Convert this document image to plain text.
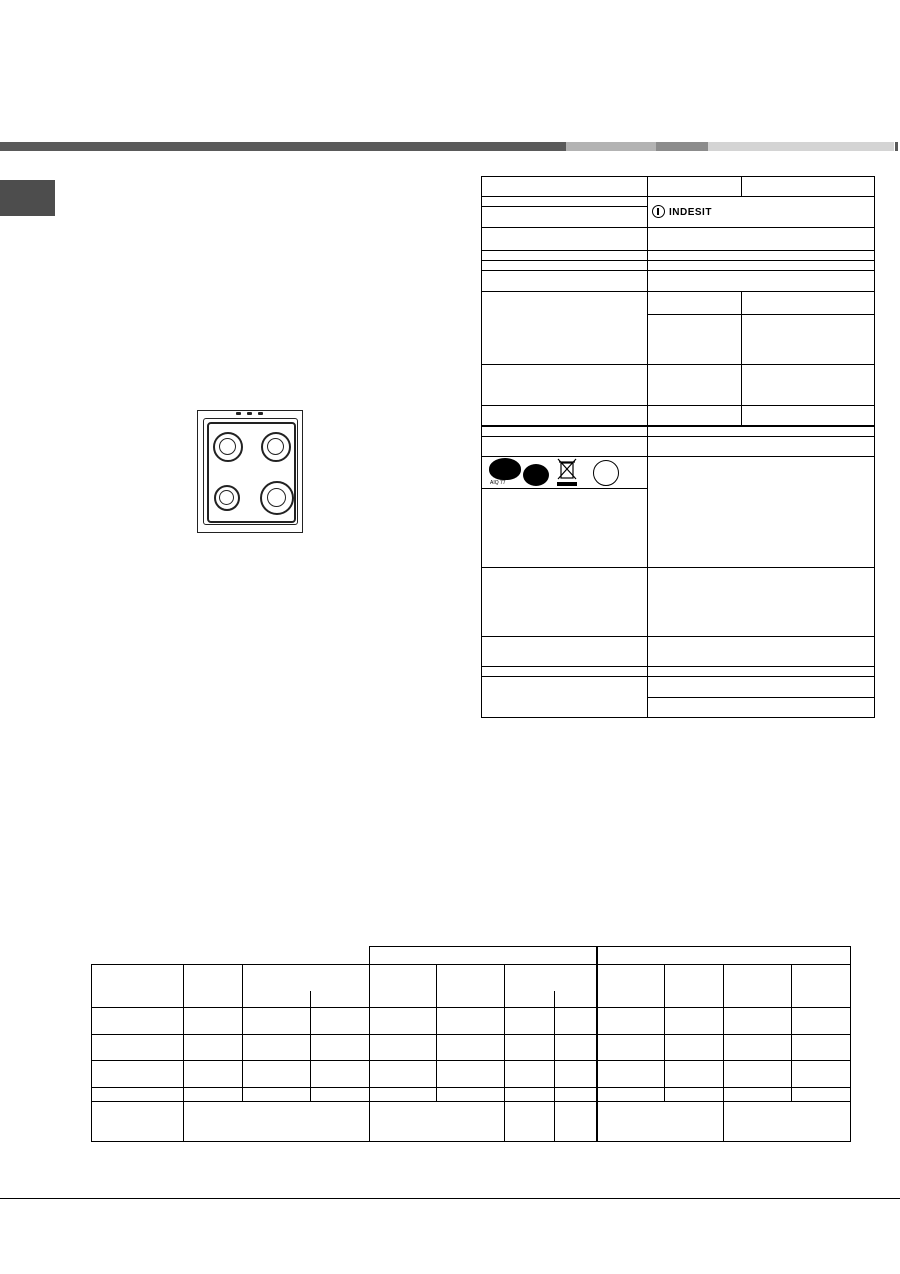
INDESIT
AIQ 77
